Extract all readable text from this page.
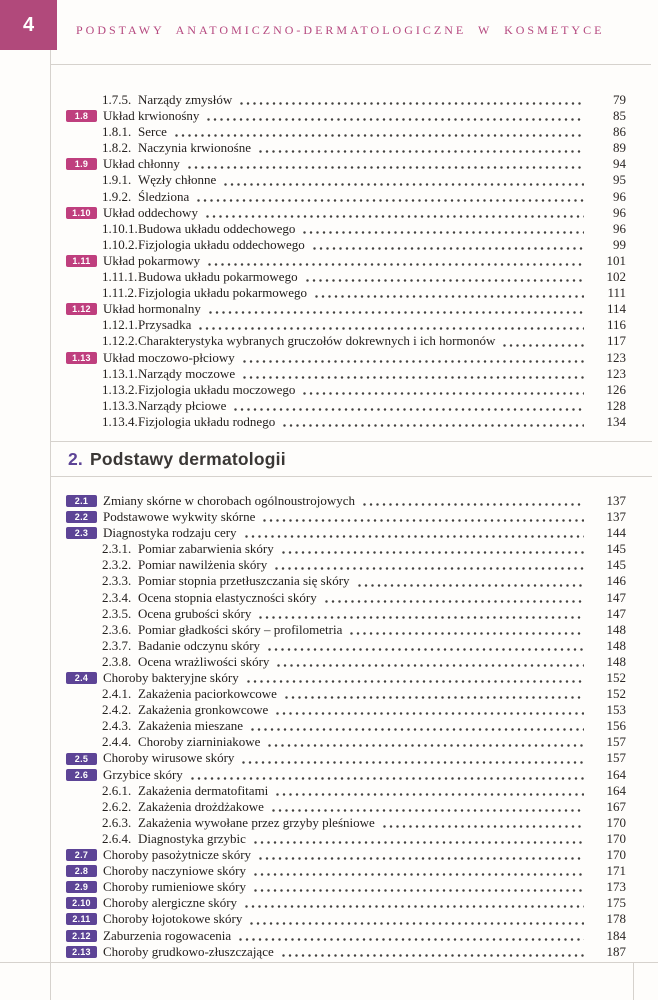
4	PODSTAWY ANATOMICZNO-DERMATOLOGICZNE W KOSMETYCE
1.7.5. Narządy zmysłów	79
1.8	Układ krwionośny	85
1.8.1. Serce	86
1.8.2. Naczynia krwionośne	89
1.9	Układ chłonny	94
1.9.1. Węzły chłonne	95
1.9.2. Śledziona	96
1.10 Układ oddechowy	96
1.10.1. Budowa układu oddechowego	96
1.10.2. Fizjologia układu oddechowego	99
1.11 Układ pokarmowy	101
1.11.1. Budowa układu pokarmowego	102
1.11.2. Fizjologia układu pokarmowego	111
1.12 Układ hormonalny	114
1.12.1. Przysadka	116
1.12.2. Charakterystyka wybranych gruczołów dokrewnych i ich hormonów	117
1.13 Układ moczowo-płciowy	123
1.13.1. Narządy moczowe	123
1.13.2. Fizjologia układu moczowego	126
1.13.3. Narządy płciowe	128
1.13.4. Fizjologia układu rodnego	134
2. Podstawy dermatologii
2.1	Zmiany skórne w chorobach ogólnoustrojowych	137
2.2	Podstawowe wykwity skórne	137
2.3	Diagnostyka rodzaju cery	144
2.3.1. Pomiar zabarwienia skóry	145
2.3.2. Pomiar nawilżenia skóry	145
2.3.3. Pomiar stopnia przetłuszczania się skóry	146
2.3.4. Ocena stopnia elastyczności skóry	147
2.3.5. Ocena grubości skóry	147
2.3.6. Pomiar gładkości skóry – profilometria	148
2.3.7. Badanie odczynu skóry	148
2.3.8. Ocena wrażliwości skóry	148
2.4	Choroby bakteryjne skóry	152
2.4.1. Zakażenia paciorkowcowe	152
2.4.2. Zakażenia gronkowcowe	153
2.4.3. Zakażenia mieszane	156
2.4.4. Choroby ziarniniakowe	157
2.5	Choroby wirusowe skóry	157
2.6	Grzybice skóry	164
2.6.1. Zakażenia dermatofitami	164
2.6.2. Zakażenia drożdżakowe	167
2.6.3. Zakażenia wywołane przez grzyby pleśniowe	170
2.6.4. Diagnostyka grzybic	170
2.7	Choroby pasożytnicze skóry	170
2.8	Choroby naczyniowe skóry	171
2.9	Choroby rumieniowe skóry	173
2.10 Choroby alergiczne skóry	175
2.11 Choroby łojotokowe skóry	178
2.12 Zaburzenia rogowacenia	184
2.13 Choroby grudkowo-złuszczające	187
